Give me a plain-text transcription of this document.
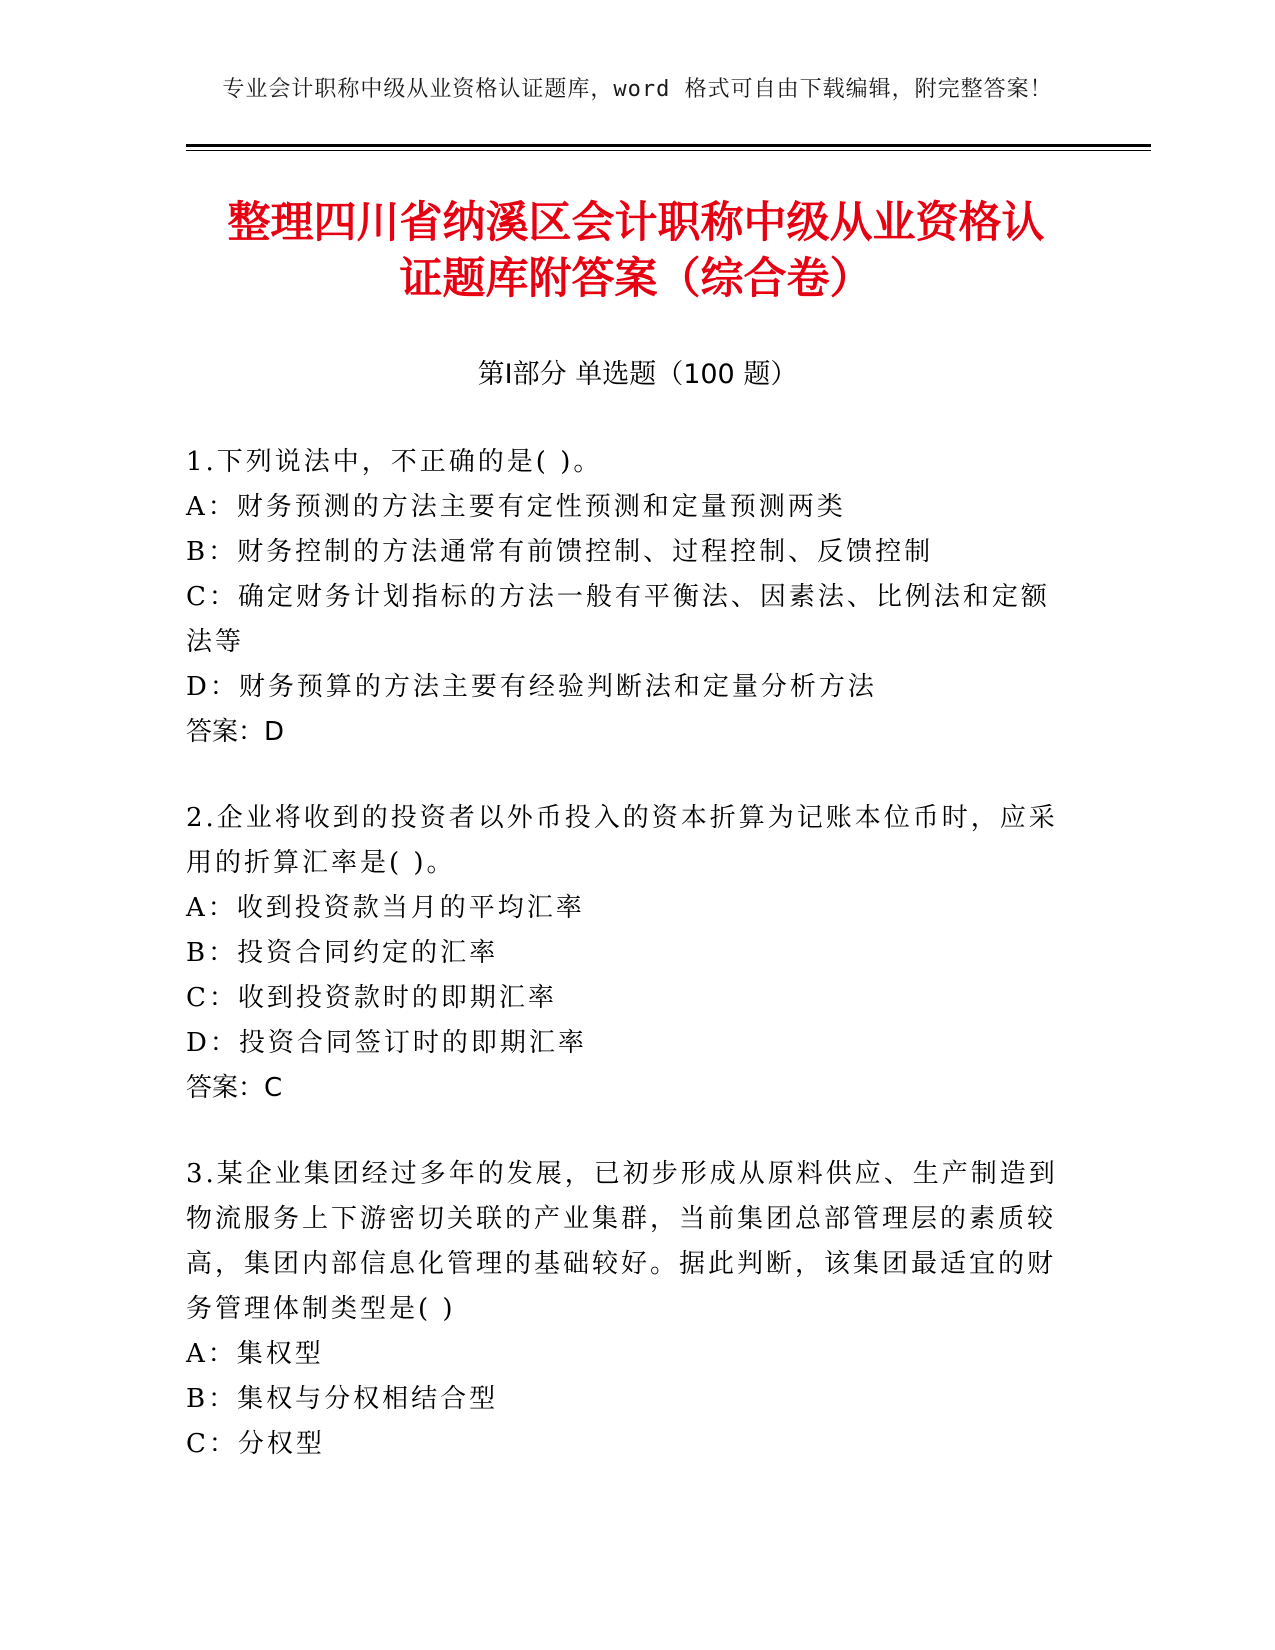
专业会计职称中级从业资格认证题库，word 格式可自由下载编辑，附完整答案！
整理四川省纳溪区会计职称中级从业资格认
证题库附答案（综合卷）
第Ⅰ部分 单选题（100 题）
1.下列说法中，不正确的是( )。
A：财务预测的方法主要有定性预测和定量预测两类
B：财务控制的方法通常有前馈控制、过程控制、反馈控制
C：确定财务计划指标的方法一般有平衡法、因素法、比例法和定额法等
D：财务预算的方法主要有经验判断法和定量分析方法
答案：D
2.企业将收到的投资者以外币投入的资本折算为记账本位币时，应采用的折算汇率是( )。
A：收到投资款当月的平均汇率
B：投资合同约定的汇率
C：收到投资款时的即期汇率
D：投资合同签订时的即期汇率
答案：C
3.某企业集团经过多年的发展，已初步形成从原料供应、生产制造到物流服务上下游密切关联的产业集群，当前集团总部管理层的素质较高，集团内部信息化管理的基础较好。据此判断，该集团最适宜的财务管理体制类型是( )
A：集权型
B：集权与分权相结合型
C：分权型
